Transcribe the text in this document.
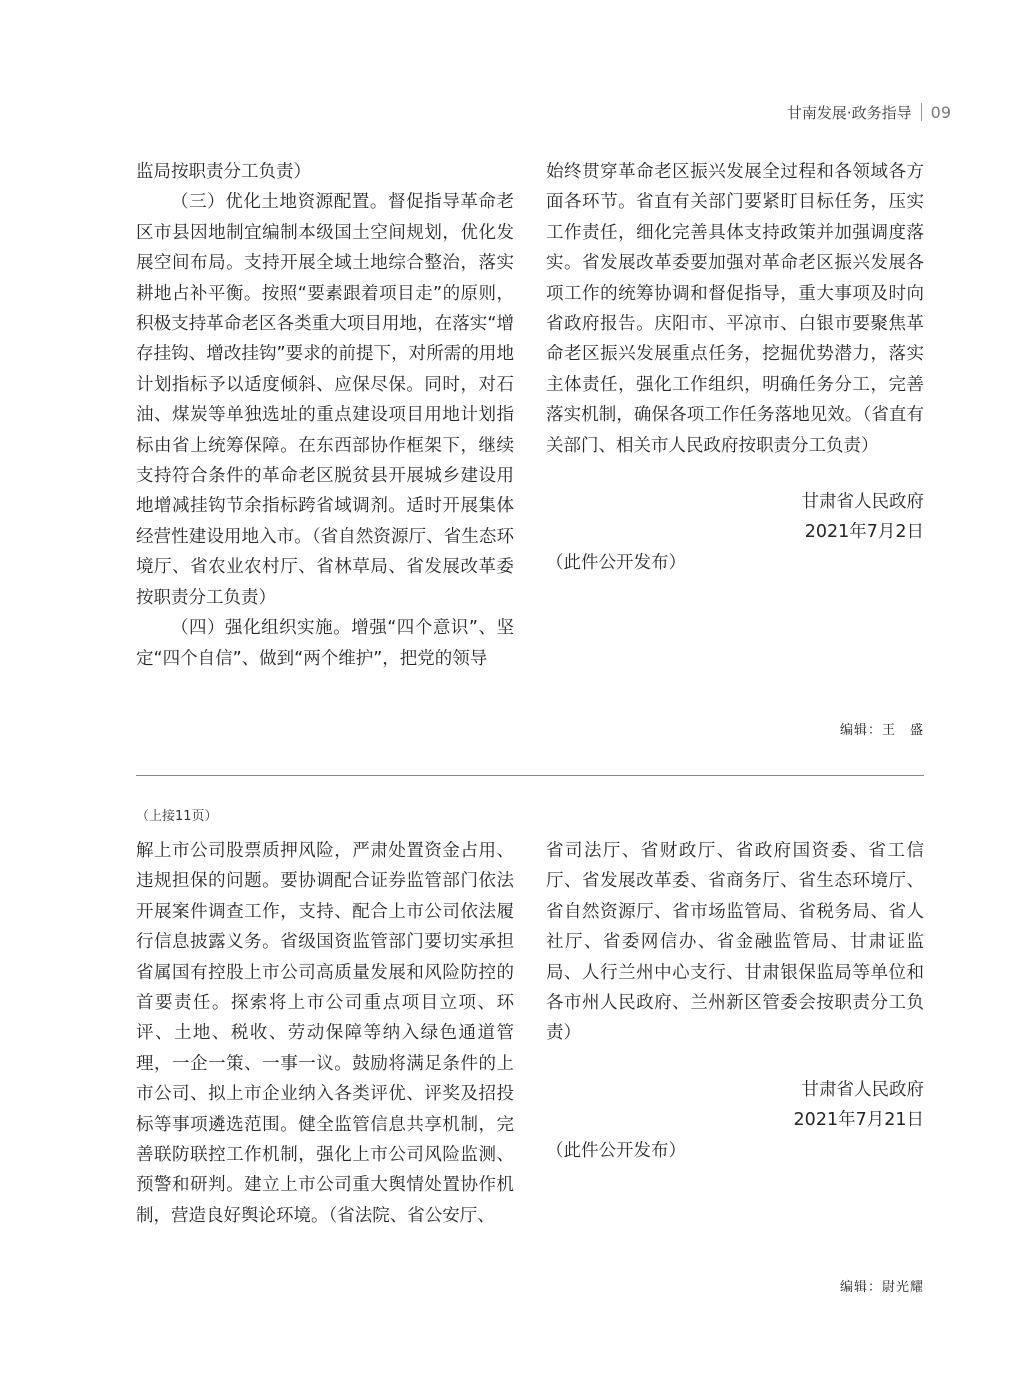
甘南发展·政务指导 09

监局按职责分工负责）

（三）优化土地资源配置。督促指导革命老区市县因地制宜编制本级国土空间规划，优化发展空间布局。支持开展全域土地综合整治，落实耕地占补平衡。按照“要素跟着项目走”的原则，积极支持革命老区各类重大项目用地，在落实“增存挂钩、增改挂钩”要求的前提下，对所需的用地计划指标予以适度倾斜、应保尽保。同时，对石油、煤炭等单独选址的重点建设项目用地计划指标由省上统筹保障。在东西部协作框架下，继续支持符合条件的革命老区脱贫县开展城乡建设用地增减挂钩节余指标跨省域调剂。适时开展集体经营性建设用地入市。（省自然资源厅、省生态环境厅、省农业农村厅、省林草局、省发展改革委按职责分工负责）

（四）强化组织实施。增强“四个意识”、坚定“四个自信”、做到“两个维护”，把党的领导

始终贯穿革命老区振兴发展全过程和各领域各方面各环节。省直有关部门要紧盯目标任务，压实工作责任，细化完善具体支持政策并加强调度落实。省发展改革委要加强对革命老区振兴发展各项工作的统筹协调和督促指导，重大事项及时向省政府报告。庆阳市、平凉市、白银市要聚焦革命老区振兴发展重点任务，挖掘优势潜力，落实主体责任，强化工作组织，明确任务分工，完善落实机制，确保各项工作任务落地见效。（省直有关部门、相关市人民政府按职责分工负责）

甘肃省人民政府

2021年7月2日

（此件公开发布）

编辑：王　盛
（上接11页）

解上市公司股票质押风险，严肃处置资金占用、违规担保的问题。要协调配合证券监管部门依法开展案件调查工作，支持、配合上市公司依法履行信息披露义务。省级国资监管部门要切实承担省属国有控股上市公司高质量发展和风险防控的首要责任。探索将上市公司重点项目立项、环评、土地、税收、劳动保障等纳入绿色通道管理，一企一策、一事一议。鼓励将满足条件的上市公司、拟上市企业纳入各类评优、评奖及招投标等事项遴选范围。健全监管信息共享机制，完善联防联控工作机制，强化上市公司风险监测、预警和研判。建立上市公司重大舆情处置协作机制，营造良好舆论环境。（省法院、省公安厅、

省司法厅、省财政厅、省政府国资委、省工信厅、省发展改革委、省商务厅、省生态环境厅、省自然资源厅、省市场监管局、省税务局、省人社厅、省委网信办、省金融监管局、甘肃证监局、人行兰州中心支行、甘肃银保监局等单位和各市州人民政府、兰州新区管委会按职责分工负责）

甘肃省人民政府

2021年7月21日

（此件公开发布）

编辑：尉光耀
